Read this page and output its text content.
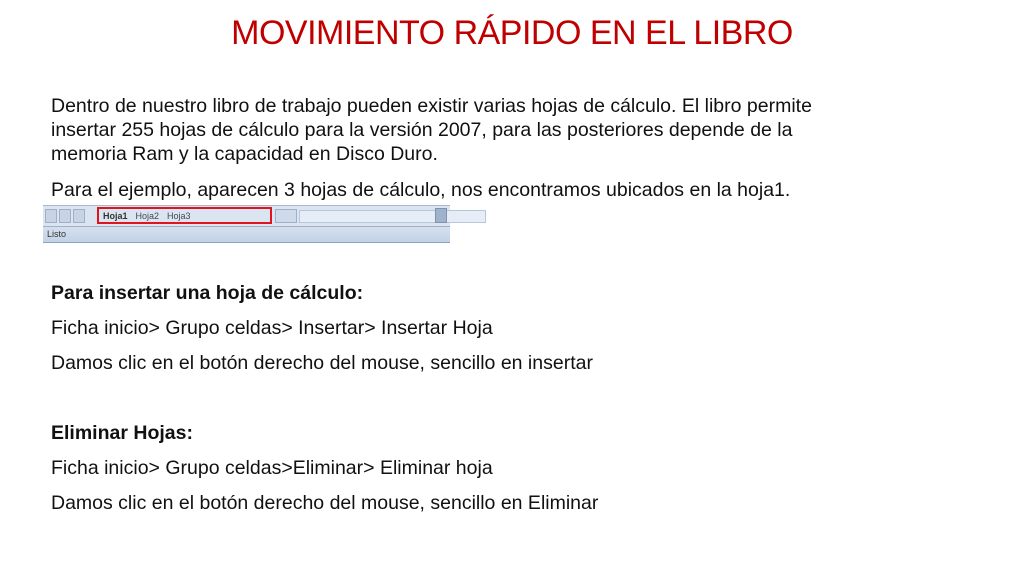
MOVIMIENTO RÁPIDO EN EL LIBRO
Dentro de nuestro libro de trabajo pueden existir varias hojas de cálculo. El libro permite
insertar 255 hojas de cálculo para la versión 2007, para las posteriores depende de la
memoria Ram y la capacidad en Disco Duro.
Para el ejemplo, aparecen 3 hojas de cálculo, nos encontramos ubicados en la hoja1.
Hoja1 Hoja2 Hoja3
Listo
Para insertar una hoja de cálculo:
Ficha inicio> Grupo celdas> Insertar> Insertar Hoja
Damos clic en el botón derecho del mouse, sencillo en insertar
Eliminar Hojas:
Ficha inicio> Grupo celdas>Eliminar> Eliminar hoja
Damos clic en el botón derecho del mouse, sencillo en Eliminar
